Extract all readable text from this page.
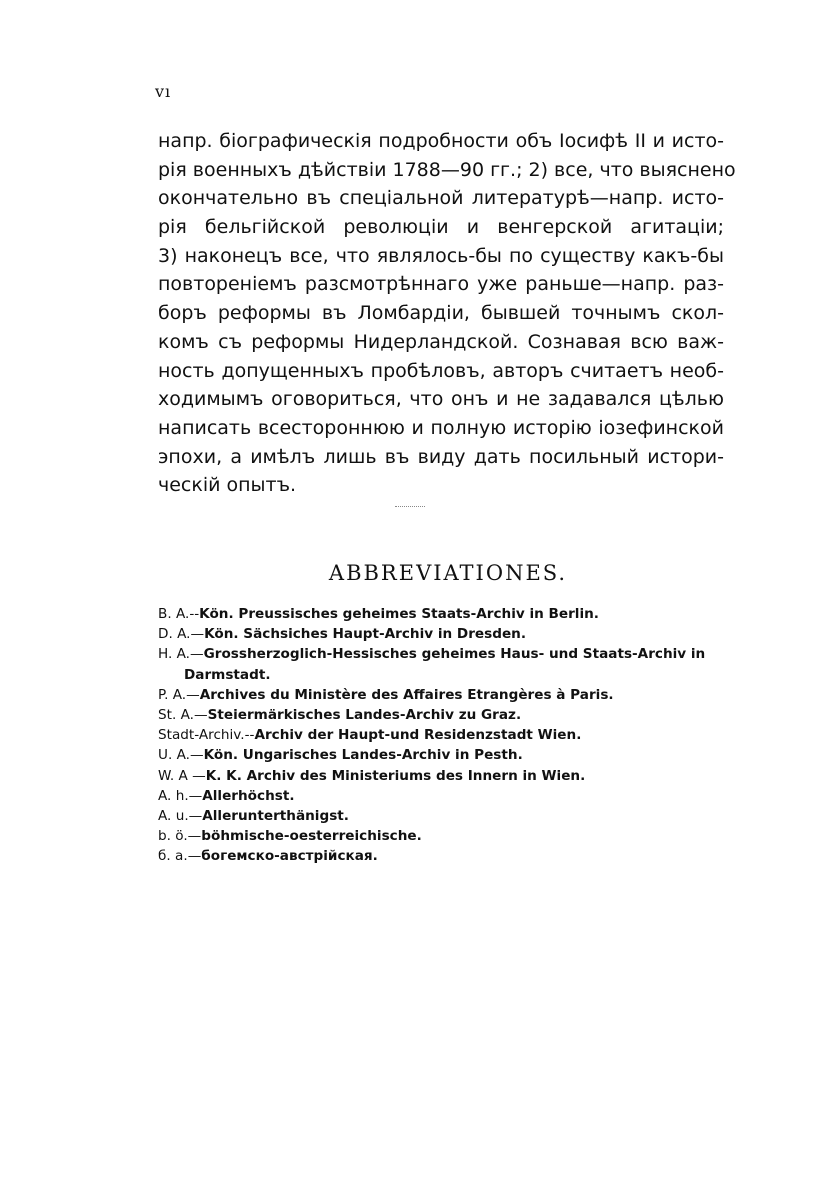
vı
напр. біографическія подробности объ Іосифѣ II и исто-
рія военныхъ дѣйствіи 1788—90 гг.; 2) все, что выяснено
окончательно въ спеціальной литературѣ—напр. исто-
рія бельгійской революціи и венгерской агитаціи;
3) наконецъ все, что являлось-бы по существу какъ-бы
повтореніемъ разсмотрѣннаго уже раньше—напр. раз-
боръ реформы въ Ломбардіи, бывшей точнымъ скол-
комъ съ реформы Нидерландской. Сознавая всю важ-
ность допущенныхъ пробѣловъ, авторъ считаетъ необ-
ходимымъ оговориться, что онъ и не задавался цѣлью
написать всестороннюю и полную исторію іозефинской
эпохи, а имѣлъ лишь въ виду дать посильный истори-
ческій опытъ.
ABBREVIATIONES.
B. A.--Kön. Preussisches geheimes Staats-Archiv in Berlin.
D. A.—Kön. Sächsiches Haupt-Archiv in Dresden.
H. A.—Grossherzoglich-Hessisches geheimes Haus- und Staats-Archiv in
Darmstadt.
P. A.—Archives du Ministère des Affaires Etrangères à Paris.
St. A.—Steiermärkisches Landes-Archiv zu Graz.
Stadt-Archiv.--Archiv der Haupt-und Residenzstadt Wien.
U. A.—Kön. Ungarisches Landes-Archiv in Pesth.
W. A —K. K. Archiv des Ministeriums des Innern in Wien.
A. h.—Allerhöchst.
A. u.—Allerunterthänigst.
b. ö.—böhmische-oesterreichische.
б. a.—богемско-австрійская.
